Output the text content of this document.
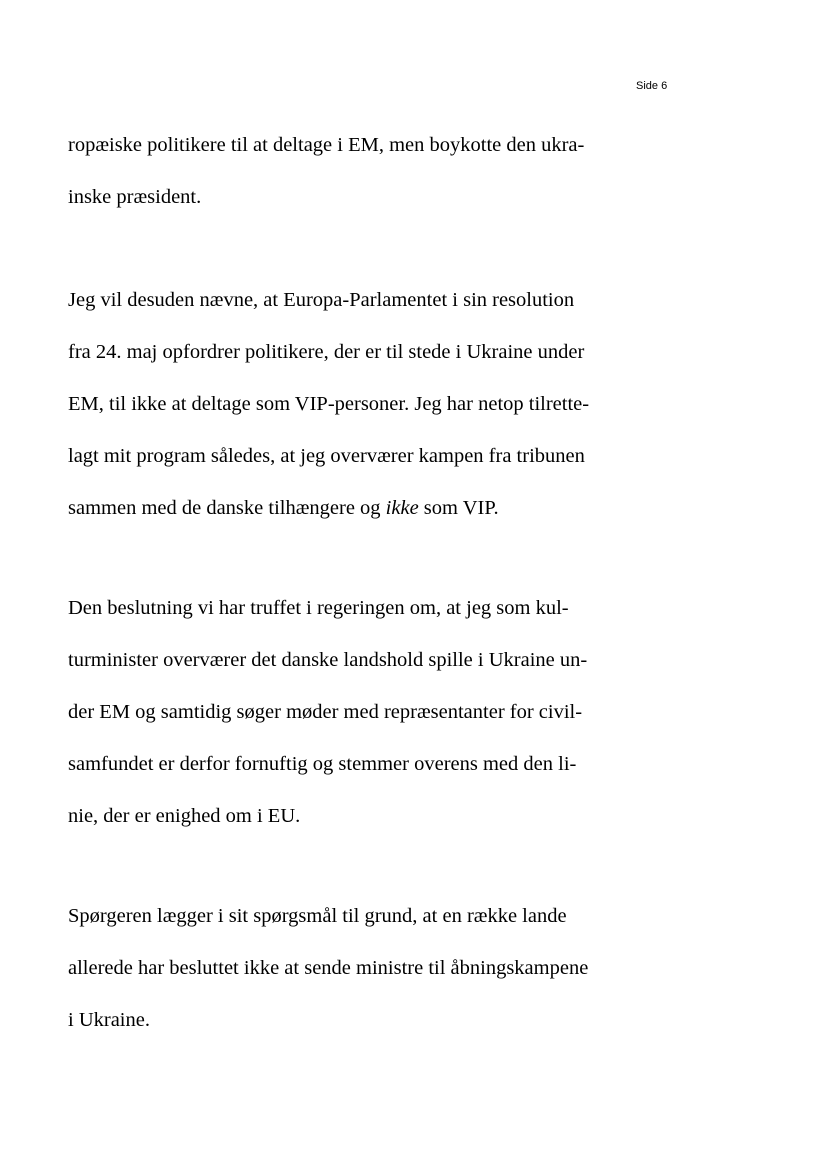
Side 6
ropæiske politikere til at deltage i EM, men boykotte den ukra-
inske præsident.
Jeg vil desuden nævne, at Europa-Parlamentet i sin resolution
fra 24. maj opfordrer politikere, der er til stede i Ukraine under
EM, til ikke at deltage som VIP-personer. Jeg har netop tilrette-
lagt mit program således, at jeg overværer kampen fra tribunen
sammen med de danske tilhængere og ikke som VIP.
Den beslutning vi har truffet i regeringen om, at jeg som kul-
turminister overværer det danske landshold spille i Ukraine un-
der EM og samtidig søger møder med repræsentanter for civil-
samfundet er derfor fornuftig og stemmer overens med den li-
nie, der er enighed om i EU.
Spørgeren lægger i sit spørgsmål til grund, at en række lande
allerede har besluttet ikke at sende ministre til åbningskampene
i Ukraine.
